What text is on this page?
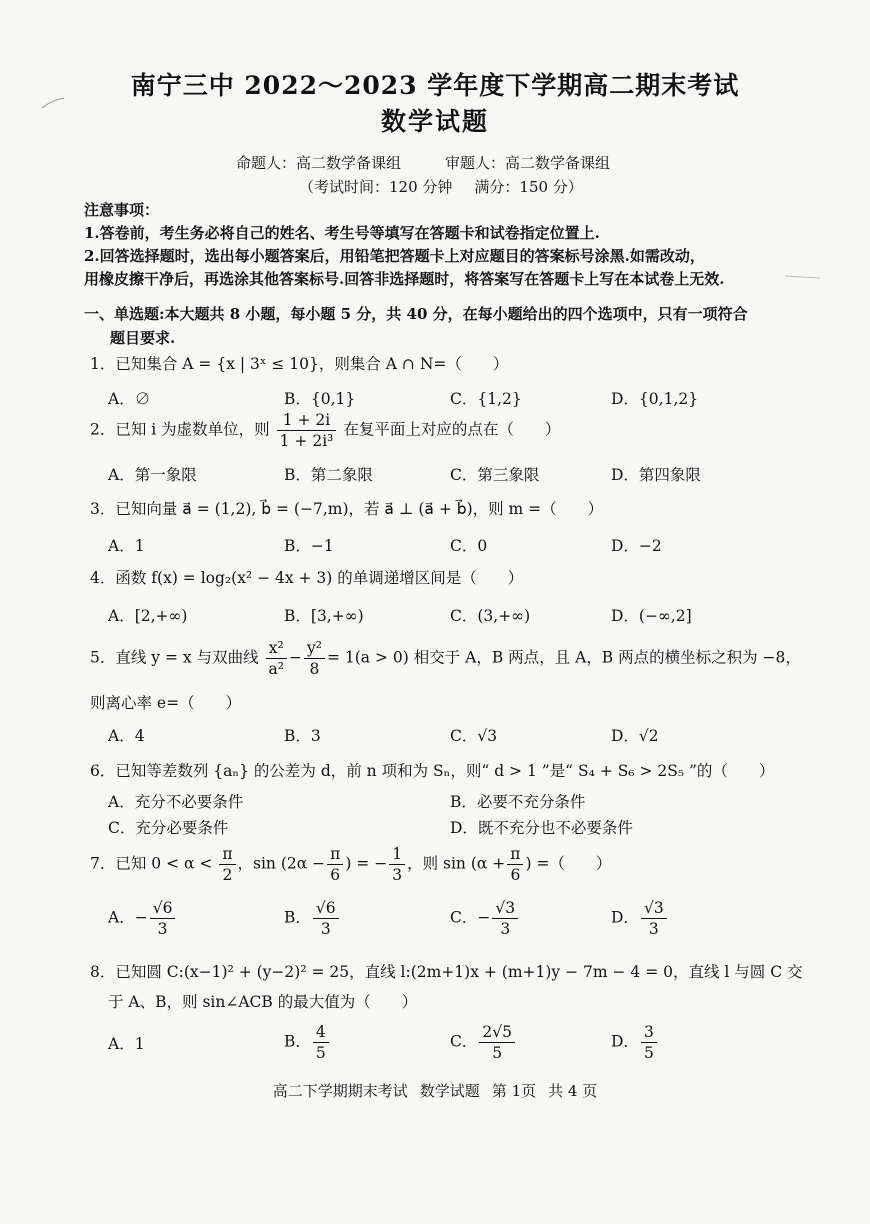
南宁三中 2022～2023 学年度下学期高二期末考试
数学试题
命题人：高二数学备课组	审题人：高二数学备课组
（考试时间：120 分钟 满分：150 分）
注意事项：
1.答卷前，考生务必将自己的姓名、考生号等填写在答题卡和试卷指定位置上.
2.回答选择题时，选出每小题答案后，用铅笔把答题卡上对应题目的答案标号涂黑.如需改动，
用橡皮擦干净后，再选涂其他答案标号.回答非选择题时，将答案写在答题卡上写在本试卷上无效.
一、单选题:本大题共 8 小题，每小题 5 分，共 40 分，在每小题给出的四个选项中，只有一项符合
题目要求.
1．已知集合 A = {x | 3ˣ ≤ 10}，则集合 A ∩ N=（　　）
A．∅	B．{0,1}	C．{1,2}	D．{0,1,2}
2．已知 i 为虚数单位，则 $\frac{1 + 2i}{\text{1 + 2i³}}$ 在复平面上对应的点在（　　）
A．第一象限	B．第二象限	C．第三象限	D．第四象限
3．已知向量 a⃗ = (1,2), b⃗ = (−7,m)，若 a⃗ ⊥ (a⃗ + b⃗)，则 m =（　　）
A．1	B．−1	C．0	D．−2
4．函数 f(x) = log₂(x² − 4x + 3) 的单调递增区间是（　　）
A．[2,+∞)	B．[3,+∞)	C．(3,+∞)	D．(−∞,2]
5．直线 y = x 与双曲线 $\frac{\text{x²}}{\text{a²}} - \frac{\text{y²}}{8} = 1(a > 0)$ 相交于 A，B 两点，且 A，B 两点的横坐标之积为 −8，
则离心率 e=（　　）
A．4	B．3	C．√3	D．√2
6．已知等差数列 {aₙ} 的公差为 d，前 n 项和为 Sₙ，则“ d > 1 ”是“ S₄ + S₆ > 2S₅ ”的（　　）
A．充分不必要条件	B．必要不充分条件
C．充分必要条件	D．既不充分也不必要条件
7．已知 $0 < \alpha < \frac{\pi}{2}$ ，$\sin (2\alpha - \frac{\pi}{6}$ ) = − $\frac{1}{3}$ ，则 $\sin (\alpha + \frac{\pi}{6}$ ) =（　　）
A．− $\frac{√6}{3}$	B． $\frac{√6}{3}$	C．− $\frac{√3}{3}$	D． $\frac{√3}{3}$
8．已知圆 C:(x−1)² + (y−2)² = 25，直线 l:(2m+1)x + (m+1)y − 7m − 4 = 0，直线 l 与圆 C 交
于 A、B，则 sin∠ACB 的最大值为（　　）
A．1	B． $\frac{4}{5}$	C． $\frac{2√5}{5}$	D． $\frac{3}{5}$
高二下学期期末考试 数学试题 第 1页 共 4 页
